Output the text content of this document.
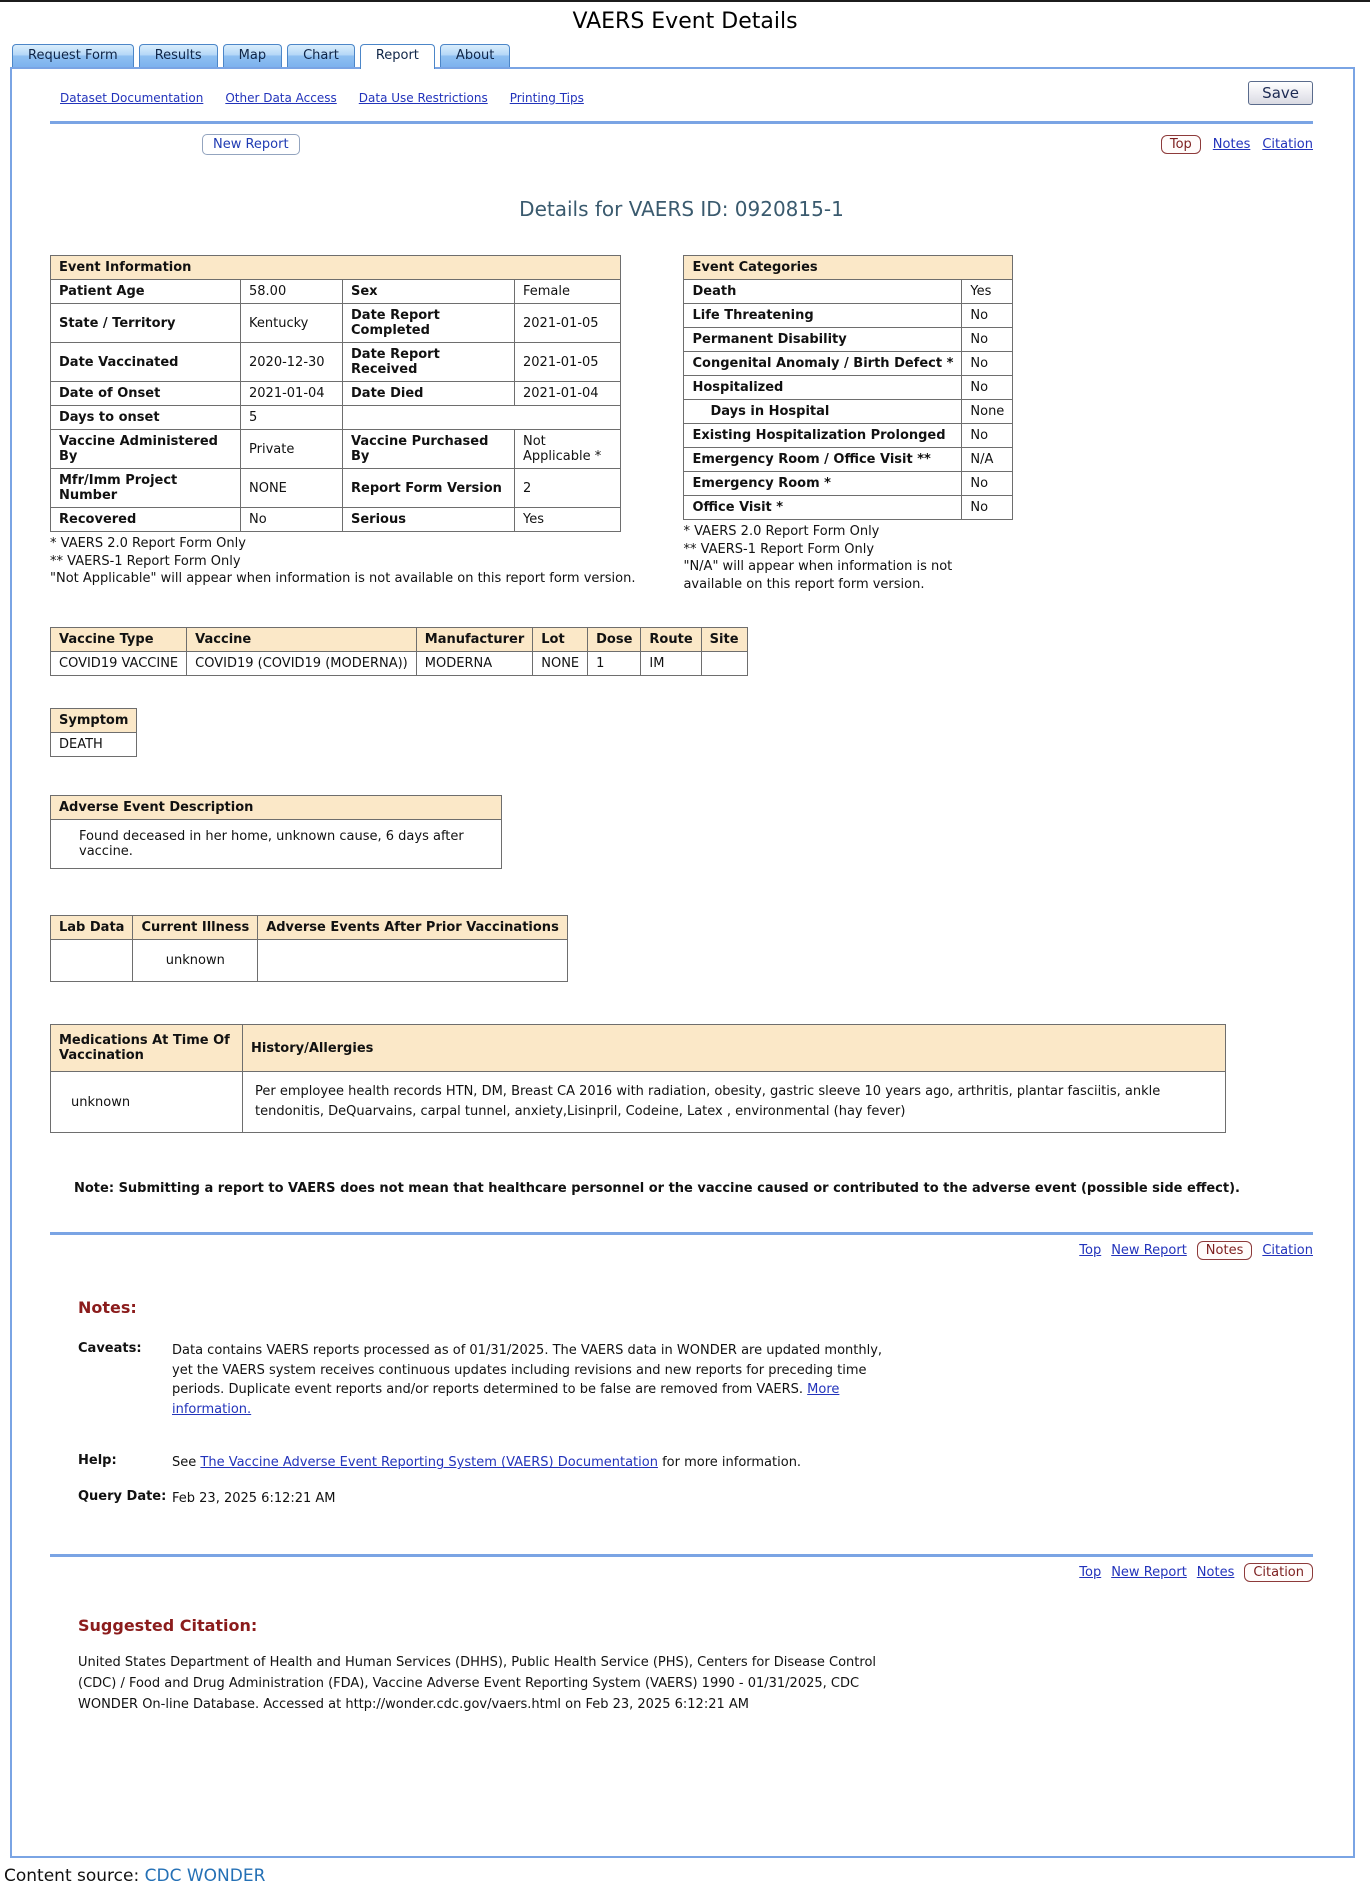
VAERS Event Details
Request Form	Results	Map	Chart	Report	About
Dataset Documentation Other Data Access Data Use Restrictions Printing Tips	Save
New Report	Top	Notes Citation
Details for VAERS ID: 0920815-1
Event Information			
Patient Age	58.00	Sex	Female
State / Territory	Kentucky	Date Report Completed	2021-01-05
Date Vaccinated	2020-12-30	Date Report Received	2021-01-05
Date of Onset	2021-01-04	Date Died	2021-01-04
Days to onset	5		
Vaccine Administered By	Private	Vaccine Purchased By	Not Applicable *
Mfr/Imm Project Number	NONE	Report Form Version	2
Recovered	No	Serious	Yes
* VAERS 2.0 Report Form Only
** VAERS-1 Report Form Only
"Not Applicable" will appear when information is not available on this report form version.
Event Categories	
Death	Yes
Life Threatening	No
Permanent Disability	No
Congenital Anomaly / Birth Defect *	No
Hospitalized	No
Days in Hospital	None
Existing Hospitalization Prolonged	No
Emergency Room / Office Visit **	N/A
Emergency Room *	No
Office Visit *	No
* VAERS 2.0 Report Form Only
** VAERS-1 Report Form Only
"N/A" will appear when information is not available on this report form version.
Vaccine Type	Vaccine	Manufacturer	Lot	Dose	Route	Site
COVID19 VACCINE	COVID19 (COVID19 (MODERNA))	MODERNA	NONE	1	IM	
Symptom
DEATH
Adverse Event Description
Found deceased in her home, unknown cause, 6 days after vaccine.
Lab Data	Current Illness	Adverse Events After Prior Vaccinations
	unknown	
Medications At Time Of Vaccination	History/Allergies
unknown	Per employee health records HTN, DM, Breast CA 2016 with radiation, obesity, gastric sleeve 10 years ago, arthritis, plantar fasciitis, ankle tendonitis, DeQuarvains, carpal tunnel, anxiety,Lisinpril, Codeine, Latex , environmental (hay fever)
Note: Submitting a report to VAERS does not mean that healthcare personnel or the vaccine caused or contributed to the adverse event (possible side effect).
Top New Report	Notes	Citation
Notes:
Caveats:	Data contains VAERS reports processed as of 01/31/2025. The VAERS data in WONDER are updated monthly, yet the VAERS system receives continuous updates including revisions and new reports for preceding time periods. Duplicate event reports and/or reports determined to be false are removed from VAERS. More information.
Help:	See The Vaccine Adverse Event Reporting System (VAERS) Documentation for more information.
Query Date: Feb 23, 2025 6:12:21 AM
Top New Report Notes	Citation
Suggested Citation:
United States Department of Health and Human Services (DHHS), Public Health Service (PHS), Centers for Disease Control (CDC) / Food and Drug Administration (FDA), Vaccine Adverse Event Reporting System (VAERS) 1990 - 01/31/2025, CDC WONDER On-line Database. Accessed at http://wonder.cdc.gov/vaers.html on Feb 23, 2025 6:12:21 AM
Content source: CDC WONDER
